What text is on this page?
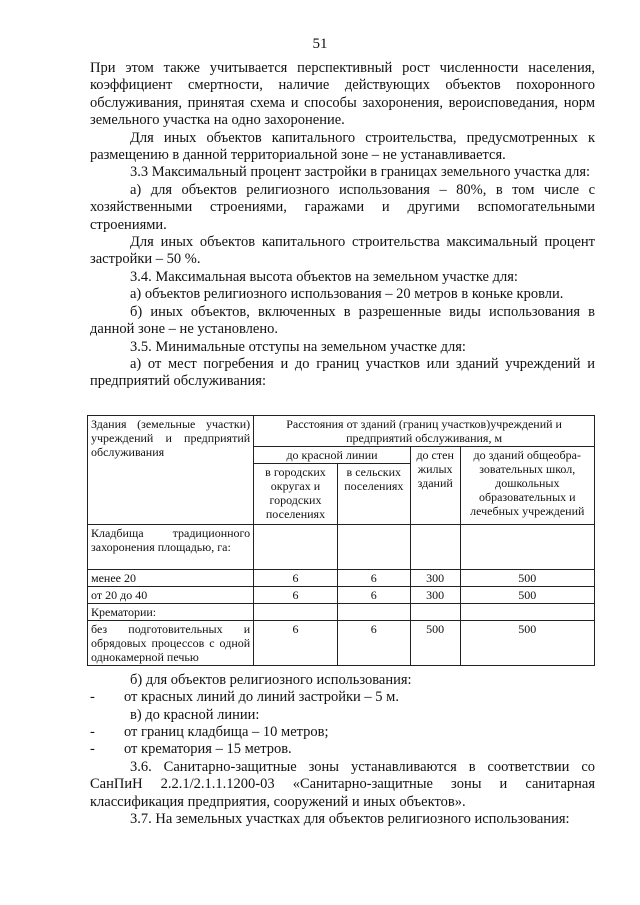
51

При этом также учитывается перспективный рост численности населения, коэффициент смертности, наличие действующих объектов похоронного обслуживания, принятая схема и способы захоронения, вероисповедания, норм земельного участка на одно захоронение.

Для иных объектов капитального строительства, предусмотренных к размещению в данной территориальной зоне – не устанавливается.

3.3 Максимальный процент застройки в границах земельного участка для:

а) для объектов религиозного использования – 80%, в том числе с хозяйственными строениями, гаражами и другими вспомогательными строениями.

Для иных объектов капитального строительства максимальный процент застройки – 50 %.

3.4. Максимальная высота объектов на земельном участке для:

а) объектов религиозного использования – 20 метров в коньке кровли.

б) иных объектов, включенных в разрешенные виды использования в данной зоне – не установлено.

3.5. Минимальные отступы на земельном участке для:

а) от мест погребения и до границ участков или зданий учреждений и предприятий обслуживания:

Здания (земельные участки) учреждений и предприятий обслуживания	Расстояния от зданий (границ участков)учреждений и предприятий обслуживания, м			
	до красной линии		до стен жилых зданий	до зданий общеобра-зовательных школ, дошкольных образовательных и лечебных учреждений
	в городских округах и городских поселениях	в сельских поселениях		
Кладбища традиционного захоронения площадью, га:				
менее 20	6	6	300	500
от 20 до 40	6	6	300	500
Крематории:				
без подготовительных и обрядовых процессов с одной однокамерной печью	6	6	500	500

б) для объектов религиозного использования:

- от красных линий до линий застройки – 5 м.

в) до красной линии:

- от границ кладбища – 10 метров;

- от крематория – 15 метров.

3.6. Санитарно-защитные зоны устанавливаются в соответствии со СанПиН 2.2.1/2.1.1.1200-03 «Санитарно-защитные зоны и санитарная классификация предприятия, сооружений и иных объектов».

3.7. На земельных участках для объектов религиозного использования:
